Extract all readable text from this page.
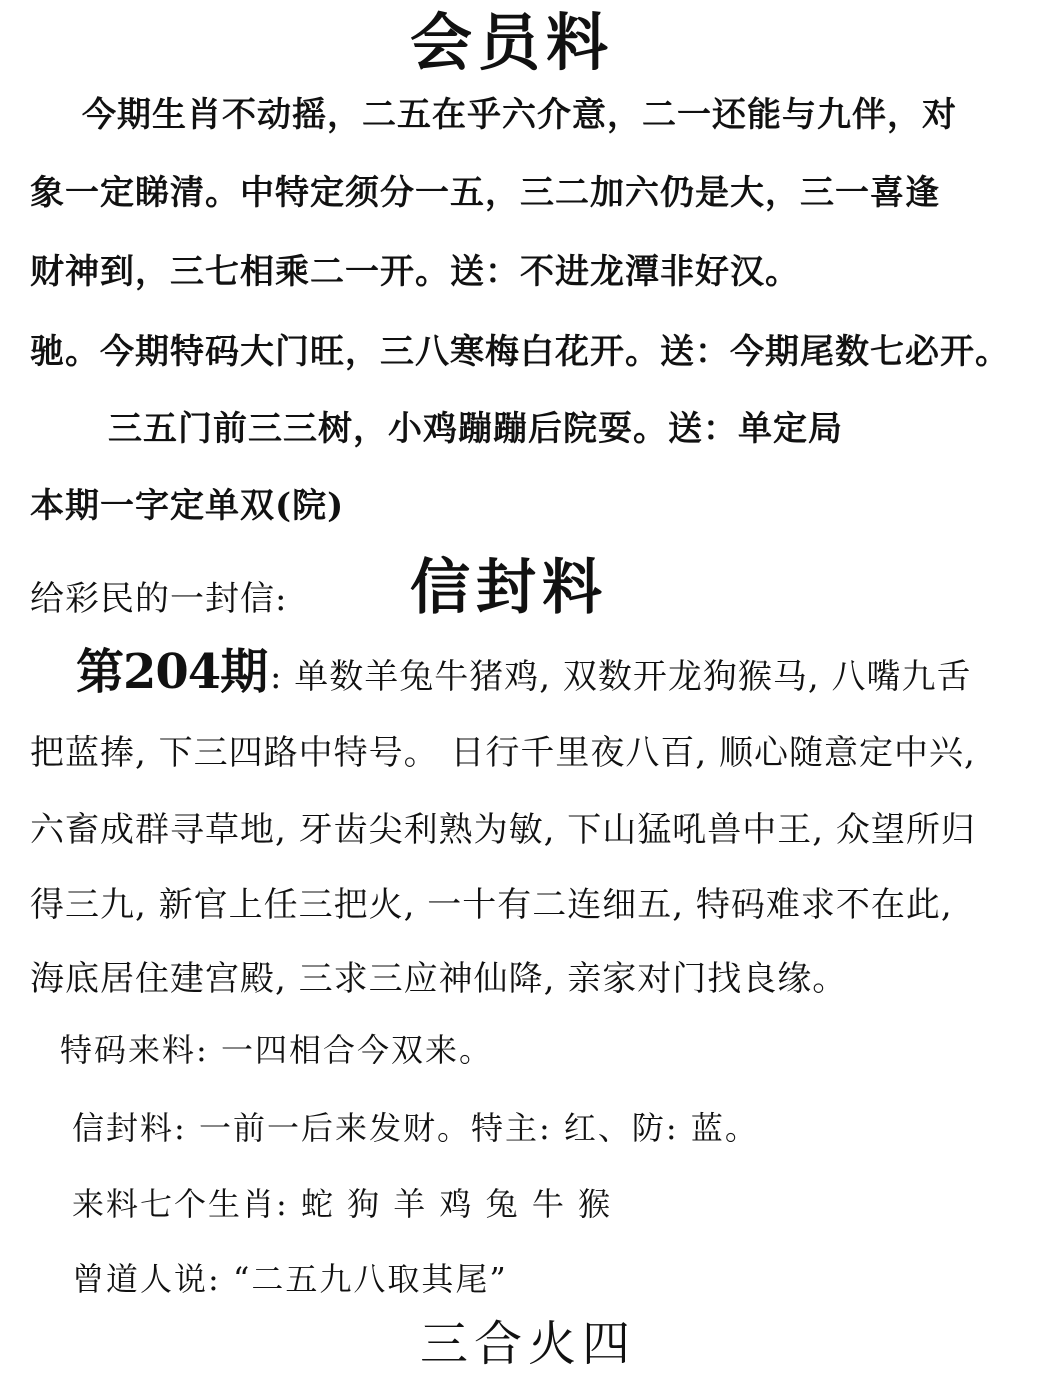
会员料
今期生肖不动摇，二五在乎六介意，二一还能与九伴，对
象一定睇清。中特定须分一五，三二加六仍是大，三一喜逢
财神到，三七相乘二一开。送：不进龙潭非好汉。
驰。今期特码大门旺，三八寒梅白花开。送：今期尾数七必开。
三五门前三三树，小鸡蹦蹦后院耍。送：单定局
本期一字定单双(院)
给彩民的一封信: 信封料
第204期 : 单数羊兔牛猪鸡, 双数开龙狗猴马, 八嘴九舌
把蓝捧, 下三四路中特号。 日行千里夜八百, 顺心随意定中兴,
六畜成群寻草地, 牙齿尖利熟为敏, 下山猛吼兽中王, 众望所归
得三九, 新官上任三把火, 一十有二连细五, 特码难求不在此,
海底居住建宫殿, 三求三应神仙降, 亲家对门找良缘。
特码来料: 一四相合今双来。
信封料: 一前一后来发财。特主: 红、防: 蓝。
来料七个生肖: 蛇 狗 羊 鸡 兔 牛 猴
曾道人说: “二五九八取其尾”
三合火四
